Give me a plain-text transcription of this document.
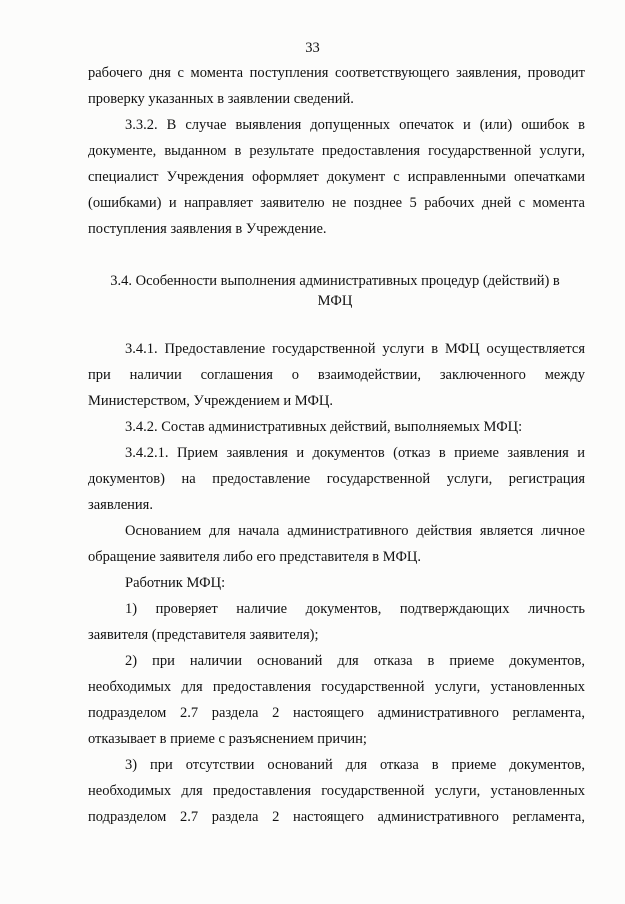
33
рабочего дня с момента поступления соответствующего заявления, проводит
проверку указанных в заявлении сведений.
3.3.2. В случае выявления допущенных опечаток и (или) ошибок в
документе, выданном в результате предоставления государственной услуги,
специалист Учреждения оформляет документ с исправленными опечатками
(ошибками) и направляет заявителю не позднее 5 рабочих дней с момента
поступления заявления в Учреждение.
3.4. Особенности выполнения административных процедур (действий) в
МФЦ
3.4.1. Предоставление государственной услуги в МФЦ осуществляется
при наличии соглашения о взаимодействии, заключенного между
Министерством, Учреждением и МФЦ.
3.4.2. Состав административных действий, выполняемых МФЦ:
3.4.2.1. Прием заявления и документов (отказ в приеме заявления и
документов) на предоставление государственной услуги, регистрация
заявления.
Основанием для начала административного действия является личное
обращение заявителя либо его представителя в МФЦ.
Работник МФЦ:
1) проверяет наличие документов, подтверждающих личность
заявителя (представителя заявителя);
2) при наличии оснований для отказа в приеме документов,
необходимых для предоставления государственной услуги, установленных
подразделом 2.7 раздела 2 настоящего административного регламента,
отказывает в приеме с разъяснением причин;
3) при отсутствии оснований для отказа в приеме документов,
необходимых для предоставления государственной услуги, установленных
подразделом 2.7 раздела 2 настоящего административного регламента,
